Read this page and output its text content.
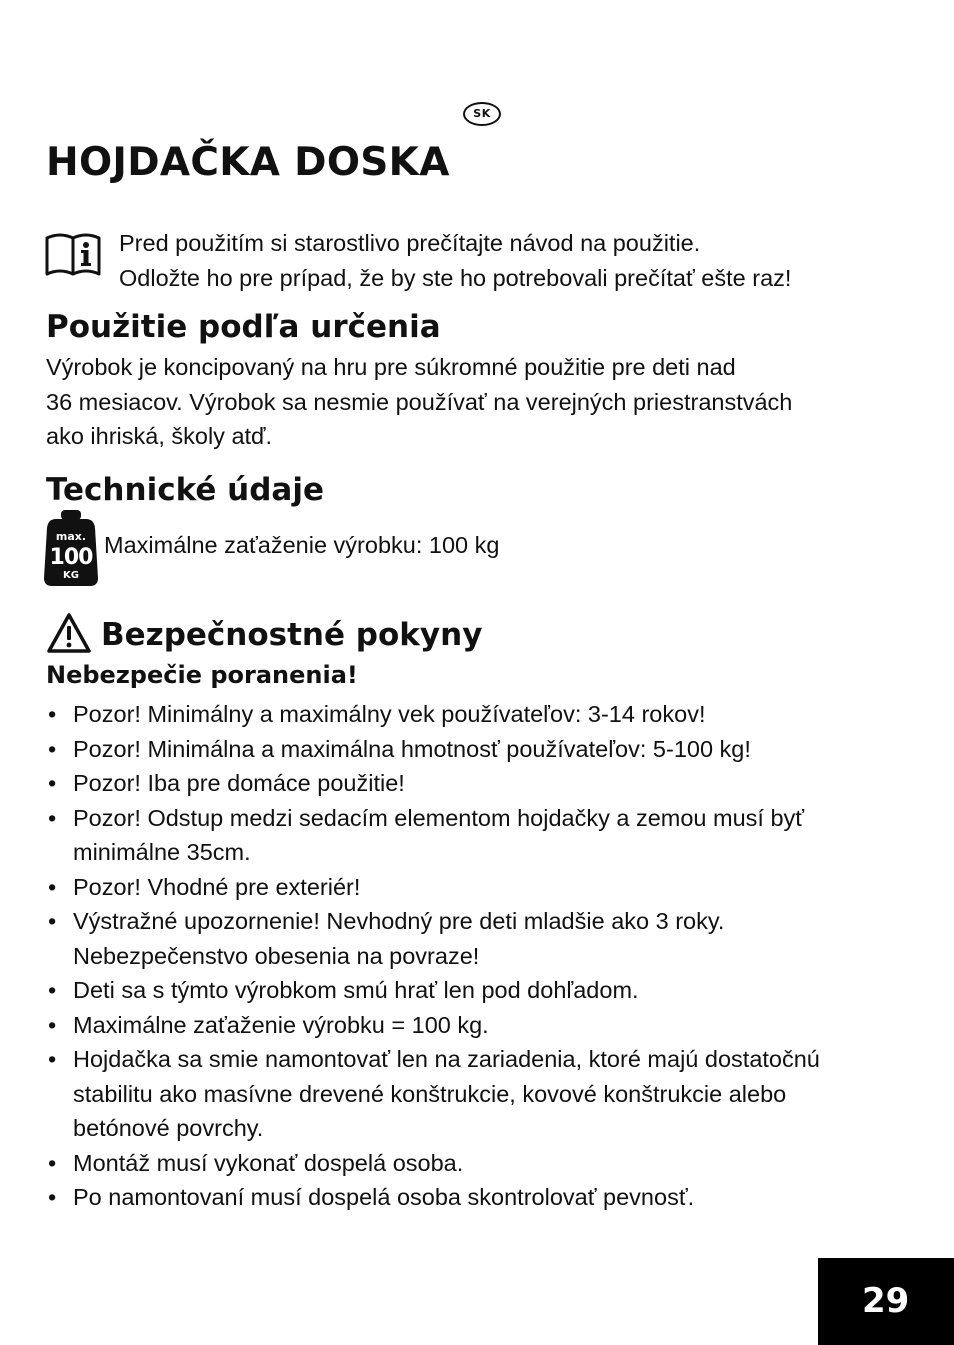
SK
HOJDAČKA DOSKA
Pred použitím si starostlivo prečítajte návod na použitie.
Odložte ho pre prípad, že by ste ho potrebovali prečítať ešte raz!
Použitie podľa určenia
Výrobok je koncipovaný na hru pre súkromné použitie pre deti nad
36 mesiacov. Výrobok sa nesmie používať na verejných priestranstvách
ako ihriská, školy atď.
Technické údaje
max.
100
KG
Maximálne zaťaženie výrobku: 100 kg
Bezpečnostné pokyny
Nebezpečie poranenia!
• Pozor! Minimálny a maximálny vek používateľov: 3-14 rokov!
• Pozor! Minimálna a maximálna hmotnosť používateľov: 5-100 kg!
• Pozor! Iba pre domáce použitie!
• Pozor! Odstup medzi sedacím elementom hojdačky a zemou musí byť
minimálne 35cm.
• Pozor! Vhodné pre exteriér!
• Výstražné upozornenie! Nevhodný pre deti mladšie ako 3 roky.
Nebezpečenstvo obesenia na povraze!
• Deti sa s týmto výrobkom smú hrať len pod dohľadom.
• Maximálne zaťaženie výrobku = 100 kg.
• Hojdačka sa smie namontovať len na zariadenia, ktoré majú dostatočnú
stabilitu ako masívne drevené konštrukcie, kovové konštrukcie alebo
betónové povrchy.
• Montáž musí vykonať dospelá osoba.
• Po namontovaní musí dospelá osoba skontrolovať pevnosť.
29
